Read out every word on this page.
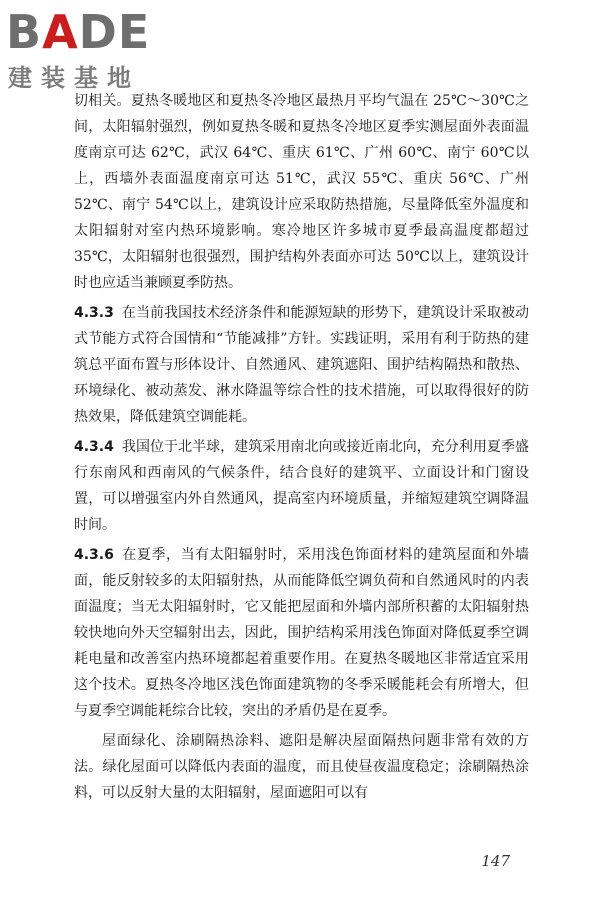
BADE
建装基地

切相关。夏热冬暖地区和夏热冬冷地区最热月平均气温在 25℃～30℃之间，太阳辐射强烈，例如夏热冬暖和夏热冬冷地区夏季实测屋面外表面温度南京可达 62℃，武汉 64℃、重庆 61℃、广州 60℃、南宁 60℃以上，西墙外表面温度南京可达 51℃，武汉 55℃、重庆 56℃、广州 52℃、南宁 54℃以上，建筑设计应采取防热措施，尽量降低室外温度和太阳辐射对室内热环境影响。寒冷地区许多城市夏季最高温度都超过 35℃，太阳辐射也很强烈，围护结构外表面亦可达 50℃以上，建筑设计时也应适当兼顾夏季防热。

4.3.3 在当前我国技术经济条件和能源短缺的形势下，建筑设计采取被动式节能方式符合国情和“节能减排”方针。实践证明，采用有利于防热的建筑总平面布置与形体设计、自然通风、建筑遮阳、围护结构隔热和散热、环境绿化、被动蒸发、淋水降温等综合性的技术措施，可以取得很好的防热效果，降低建筑空调能耗。

4.3.4 我国位于北半球，建筑采用南北向或接近南北向，充分利用夏季盛行东南风和西南风的气候条件，结合良好的建筑平、立面设计和门窗设置，可以增强室内外自然通风，提高室内环境质量，并缩短建筑空调降温时间。

4.3.6 在夏季，当有太阳辐射时，采用浅色饰面材料的建筑屋面和外墙面，能反射较多的太阳辐射热，从而能降低空调负荷和自然通风时的内表面温度；当无太阳辐射时，它又能把屋面和外墙内部所积蓄的太阳辐射热较快地向外天空辐射出去，因此，围护结构采用浅色饰面对降低夏季空调耗电量和改善室内热环境都起着重要作用。在夏热冬暖地区非常适宜采用这个技术。夏热冬冷地区浅色饰面建筑物的冬季采暖能耗会有所增大，但与夏季空调能耗综合比较，突出的矛盾仍是在夏季。

屋面绿化、涂刷隔热涂料、遮阳是解决屋面隔热问题非常有效的方法。绿化屋面可以降低内表面的温度，而且使昼夜温度稳定；涂刷隔热涂料，可以反射大量的太阳辐射，屋面遮阳可以有

147
